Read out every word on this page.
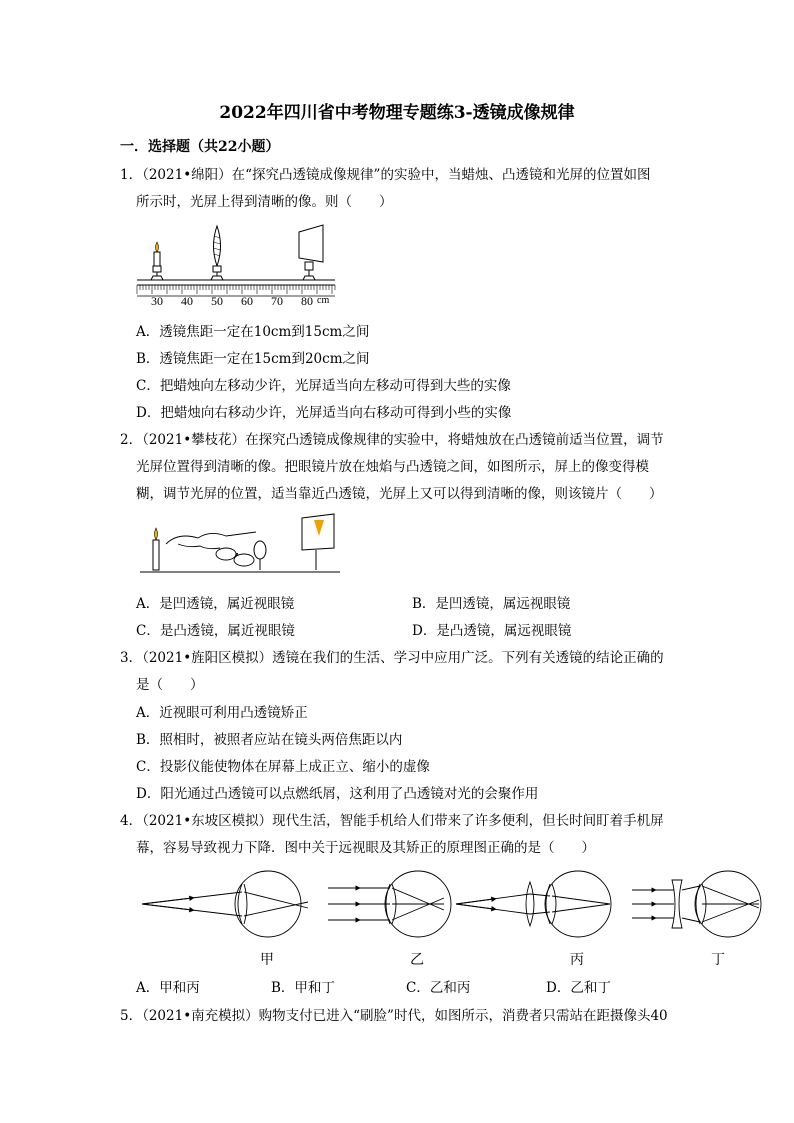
2022年四川省中考物理专题练3-透镜成像规律
一．选择题（共22小题）
1．（2021•绵阳）在“探究凸透镜成像规律”的实验中，当蜡烛、凸透镜和光屏的位置如图
所示时，光屏上得到清晰的像。则（　　）
30 40 50 60 70 80 cm
A．透镜焦距一定在10cm到15cm之间
B．透镜焦距一定在15cm到20cm之间
C．把蜡烛向左移动少许，光屏适当向左移动可得到大些的实像
D．把蜡烛向右移动少许，光屏适当向右移动可得到小些的实像
2．（2021•攀枝花）在探究凸透镜成像规律的实验中，将蜡烛放在凸透镜前适当位置，调节
光屏位置得到清晰的像。把眼镜片放在烛焰与凸透镜之间，如图所示，屏上的像变得模
糊，调节光屏的位置，适当靠近凸透镜，光屏上又可以得到清晰的像，则该镜片（　　）
A．是凹透镜，属近视眼镜	B．是凹透镜，属远视眼镜
C．是凸透镜，属近视眼镜	D．是凸透镜，属远视眼镜
3．（2021•旌阳区模拟）透镜在我们的生活、学习中应用广泛。下列有关透镜的结论正确的
是（　　）
A．近视眼可利用凸透镜矫正
B．照相时，被照者应站在镜头两倍焦距以内
C．投影仪能使物体在屏幕上成正立、缩小的虚像
D．阳光通过凸透镜可以点燃纸屑，这利用了凸透镜对光的会聚作用
4．（2021•东坡区模拟）现代生活，智能手机给人们带来了许多便利，但长时间盯着手机屏
幕，容易导致视力下降．图中关于远视眼及其矫正的原理图正确的是（　　）
甲	乙	丙	丁
A．甲和丙	B．甲和丁	C．乙和丙	D．乙和丁
5．（2021•南充模拟）购物支付已进入“刷脸”时代，如图所示，消费者只需站在距摄像头40
